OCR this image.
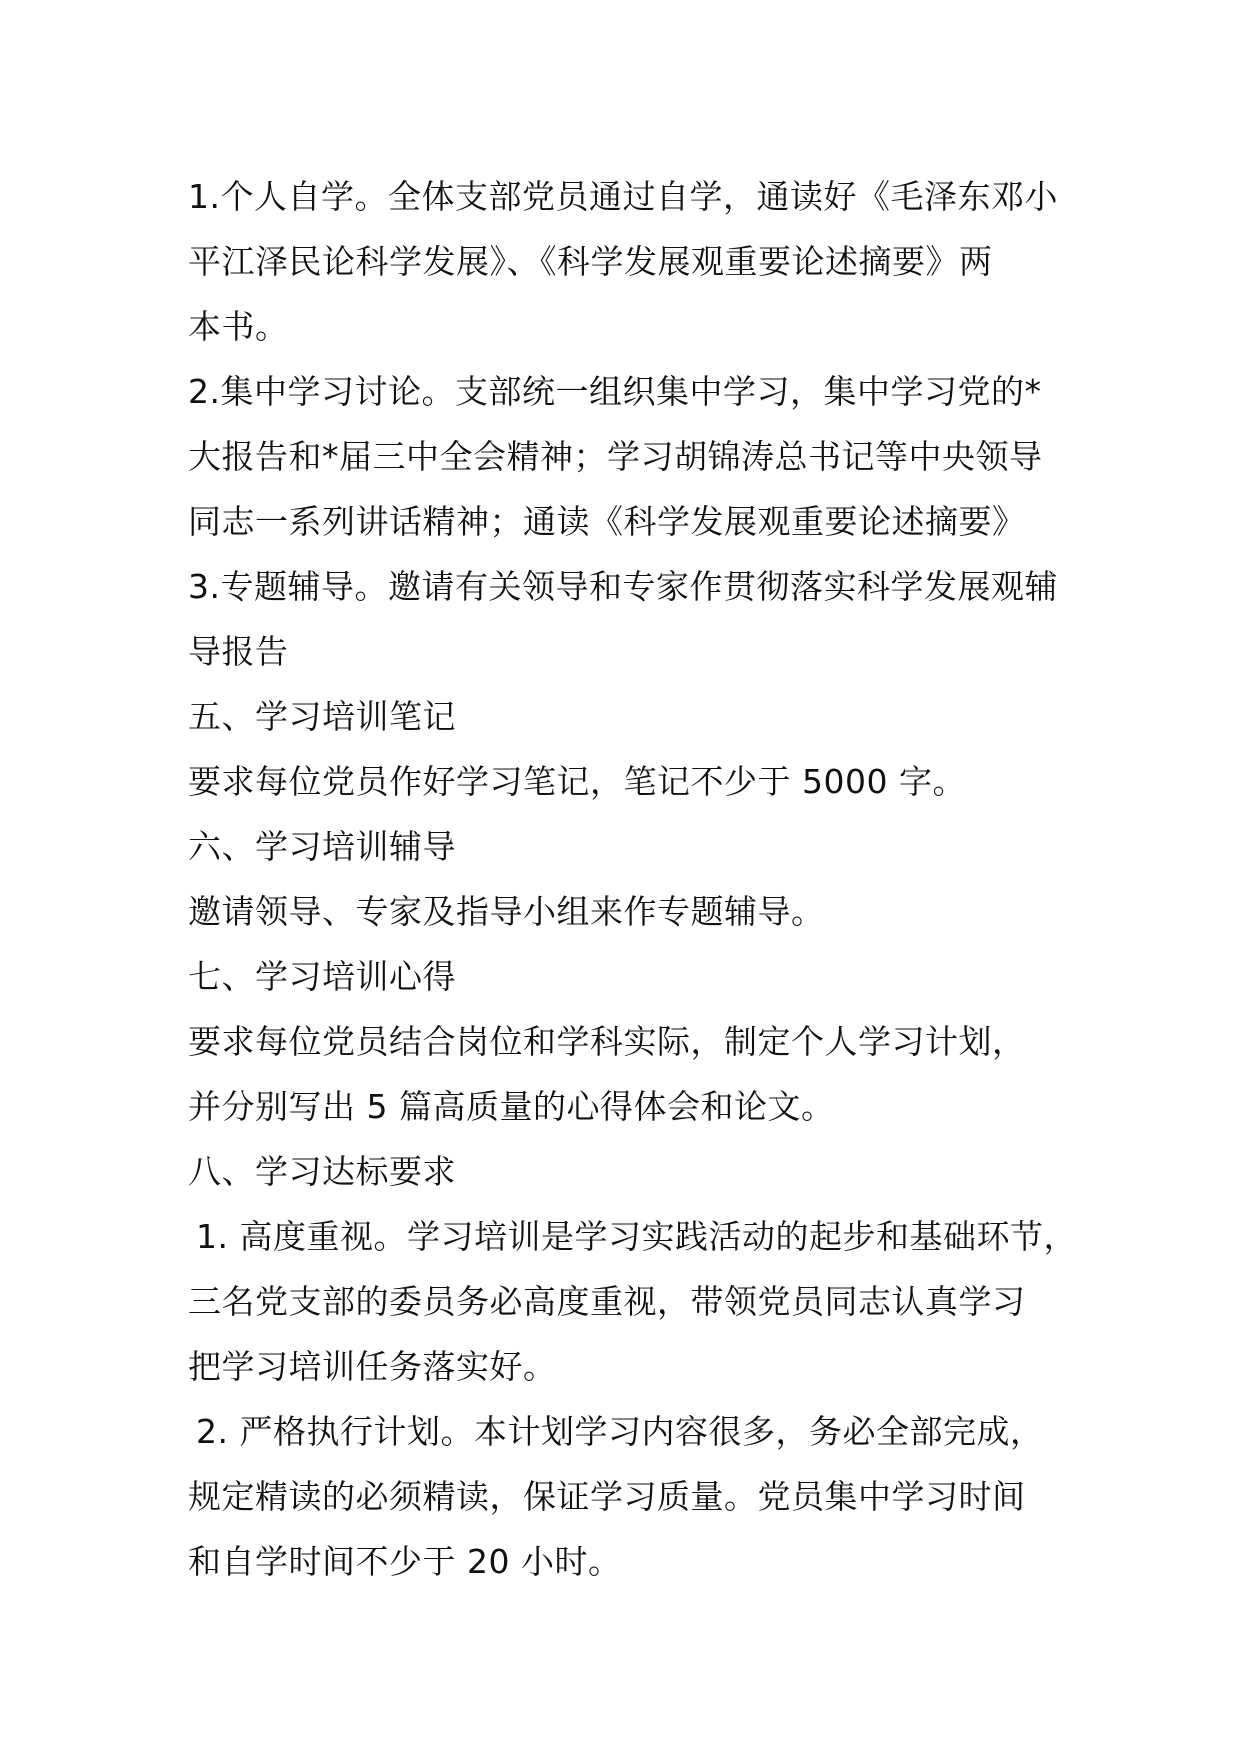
1.个人自学。全体支部党员通过自学，通读好《毛泽东邓小
平江泽民论科学发展》、《科学发展观重要论述摘要》两
本书。
2.集中学习讨论。支部统一组织集中学习，集中学习党的*
大报告和*届三中全会精神；学习胡锦涛总书记等中央领导
同志一系列讲话精神；通读《科学发展观重要论述摘要》
3.专题辅导。邀请有关领导和专家作贯彻落实科学发展观辅
导报告
五、学习培训笔记
要求每位党员作好学习笔记，笔记不少于 5000 字。
六、学习培训辅导
邀请领导、专家及指导小组来作专题辅导。
七、学习培训心得
要求每位党员结合岗位和学科实际，制定个人学习计划，
并分别写出 5 篇高质量的心得体会和论文。
八、学习达标要求
1. 高度重视。学习培训是学习实践活动的起步和基础环节，
三名党支部的委员务必高度重视，带领党员同志认真学习
把学习培训任务落实好。
2. 严格执行计划。本计划学习内容很多，务必全部完成，
规定精读的必须精读，保证学习质量。党员集中学习时间
和自学时间不少于 20 小时。
